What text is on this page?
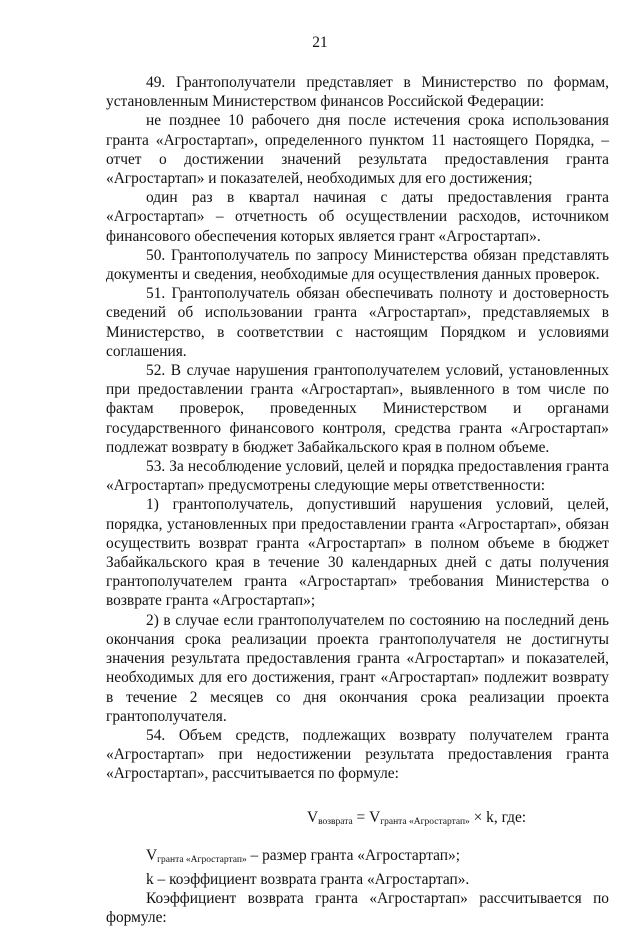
21

49. Грантополучатели представляет в Министерство по формам, установленным Министерством финансов Российской Федерации:

не позднее 10 рабочего дня после истечения срока использования гранта «Агростартап», определенного пунктом 11 настоящего Порядка, – отчет о достижении значений результата предоставления гранта «Агростартап» и показателей, необходимых для его достижения;

один раз в квартал начиная с даты предоставления гранта «Агростартап» – отчетность об осуществлении расходов, источником финансового обеспечения которых является грант «Агростартап».

50. Грантополучатель по запросу Министерства обязан представлять документы и сведения, необходимые для осуществления данных проверок.

51. Грантополучатель обязан обеспечивать полноту и достоверность сведений об использовании гранта «Агростартап», представляемых в Министерство, в соответствии с настоящим Порядком и условиями соглашения.

52. В случае нарушения грантополучателем условий, установленных при предоставлении гранта «Агростартап», выявленного в том числе по фактам проверок, проведенных Министерством и органами государственного финансового контроля, средства гранта «Агростартап» подлежат возврату в бюджет Забайкальского края в полном объеме.

53. За несоблюдение условий, целей и порядка предоставления гранта «Агростартап» предусмотрены следующие меры ответственности:

1) грантополучатель, допустивший нарушения условий, целей, порядка, установленных при предоставлении гранта «Агростартап», обязан осуществить возврат гранта «Агростартап» в полном объеме в бюджет Забайкальского края в течение 30 календарных дней с даты получения грантополучателем гранта «Агростартап» требования Министерства о возврате гранта «Агростартап»;

2) в случае если грантополучателем по состоянию на последний день окончания срока реализации проекта грантополучателя не достигнуты значения результата предоставления гранта «Агростартап» и показателей, необходимых для его достижения, грант «Агростартап» подлежит возврату в течение 2 месяцев со дня окончания срока реализации проекта грантополучателя.

54. Объем средств, подлежащих возврату получателем гранта «Агростартап» при недостижении результата предоставления гранта «Агростартап», рассчитывается по формуле:

$V_{возврата} = V_{гранта «Агростартап»} \times k$, где:

$V_{гранта «Агростартап»}$ – размер гранта «Агростартап»;

k – коэффициент возврата гранта «Агростартап».

Коэффициент возврата гранта «Агростартап» рассчитывается по формуле:
